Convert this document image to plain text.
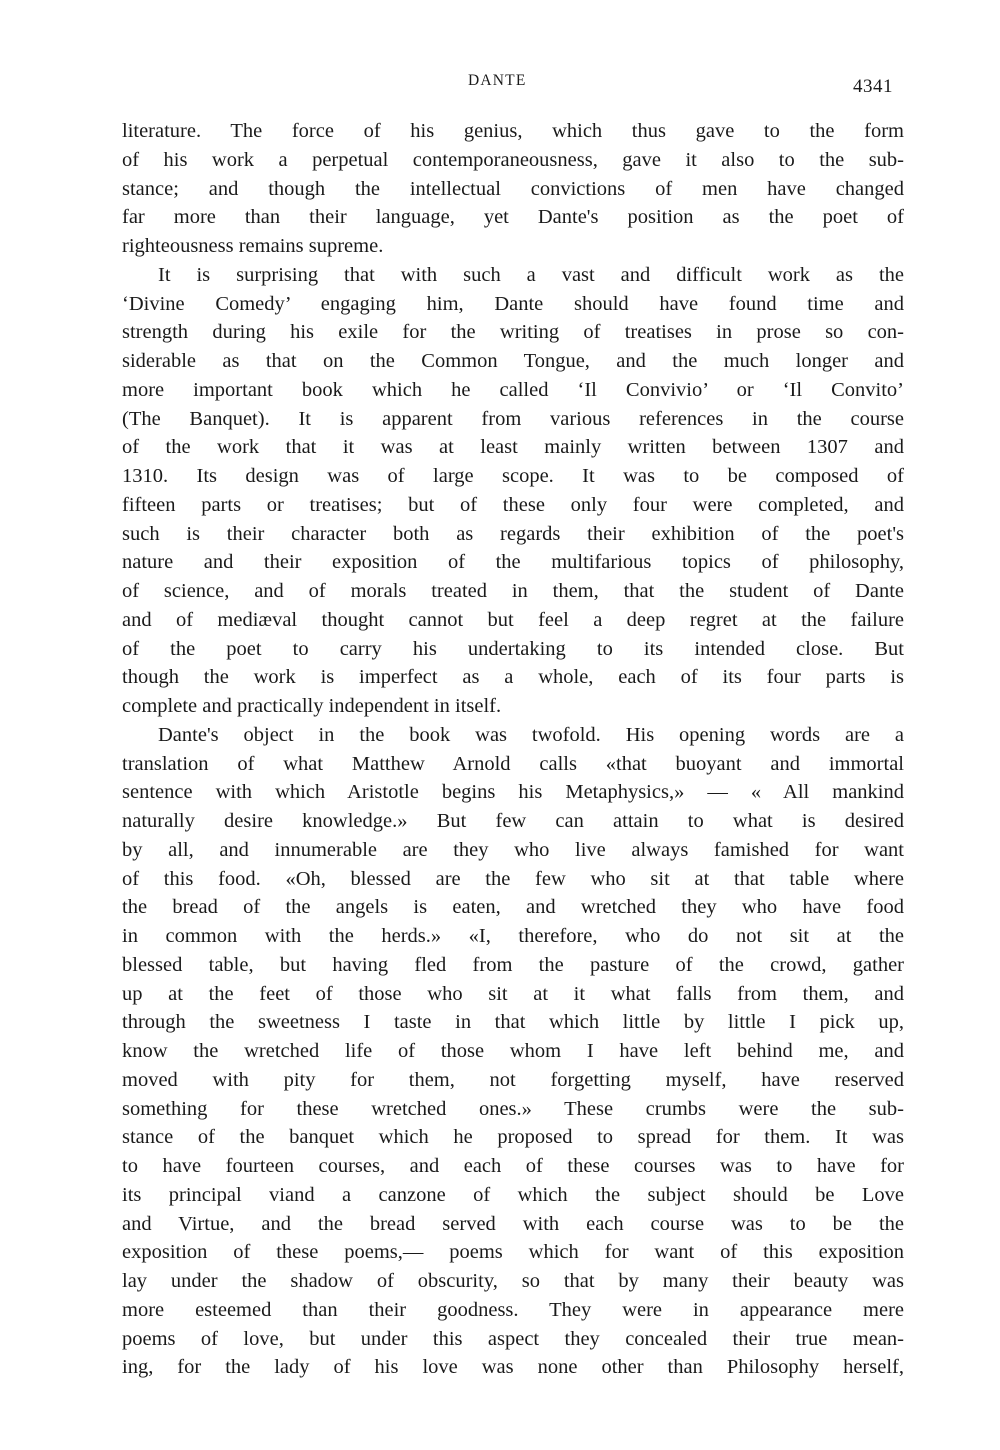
DANTE	4341
literature. The force of his genius, which thus gave to the form
of his work a perpetual contemporaneousness, gave it also to the sub-
stance; and though the intellectual convictions of men have changed
far more than their language, yet Dante's position as the poet of
righteousness remains supreme.
It is surprising that with such a vast and difficult work as the
‘Divine Comedy’ engaging him, Dante should have found time and
strength during his exile for the writing of treatises in prose so con-
siderable as that on the Common Tongue, and the much longer and
more important book which he called ‘Il Convivio’ or ‘Il Convito’
(The Banquet). It is apparent from various references in the course
of the work that it was at least mainly written between 1307 and
1310. Its design was of large scope. It was to be composed of
fifteen parts or treatises; but of these only four were completed, and
such is their character both as regards their exhibition of the poet's
nature and their exposition of the multifarious topics of philosophy,
of science, and of morals treated in them, that the student of Dante
and of mediæval thought cannot but feel a deep regret at the failure
of the poet to carry his undertaking to its intended close. But
though the work is imperfect as a whole, each of its four parts is
complete and practically independent in itself.
Dante's object in the book was twofold. His opening words are a
translation of what Matthew Arnold calls «that buoyant and immortal
sentence with which Aristotle begins his Metaphysics,» — « All mankind
naturally desire knowledge.» But few can attain to what is desired
by all, and innumerable are they who live always famished for want
of this food. «Oh, blessed are the few who sit at that table where
the bread of the angels is eaten, and wretched they who have food
in common with the herds.» «I, therefore, who do not sit at the
blessed table, but having fled from the pasture of the crowd, gather
up at the feet of those who sit at it what falls from them, and
through the sweetness I taste in that which little by little I pick up,
know the wretched life of those whom I have left behind me, and
moved with pity for them, not forgetting myself, have reserved
something for these wretched ones.» These crumbs were the sub-
stance of the banquet which he proposed to spread for them. It was
to have fourteen courses, and each of these courses was to have for
its principal viand a canzone of which the subject should be Love
and Virtue, and the bread served with each course was to be the
exposition of these poems,— poems which for want of this exposition
lay under the shadow of obscurity, so that by many their beauty was
more esteemed than their goodness. They were in appearance mere
poems of love, but under this aspect they concealed their true mean-
ing, for the lady of his love was none other than Philosophy herself,
